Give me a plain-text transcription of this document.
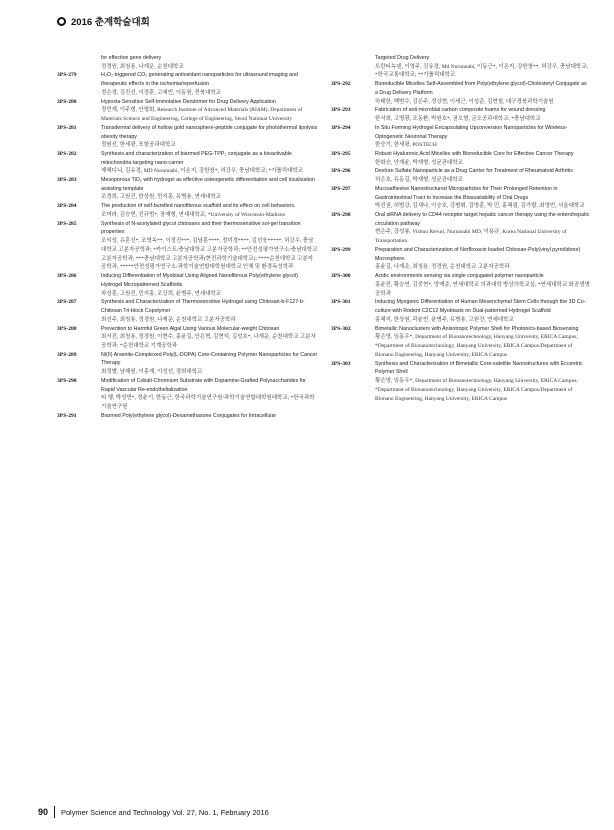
2016 춘계학술대회
for effective gene delivery
정경원, 최청용, 나재운, 순천대학교
3PS-279	H₂O₂-triggered CO₂ generating antioxidant nanoparticles for ultrasound imaging and therapeutic effects in the ischemia/reperfusion
정은경, 김진선, 이정훈, 고예빈, 이동원, 전북대학교
3PS-280	Hypoxia-Sensitive Self-Immolative Dendrimer for Drug Delivery Application
정민재, 이주형, 안형회, Research Institute of Advanced Materials (RIAM), Department of Materials Science and Engineering, College of Engineering, Seoul National University
3PS-281	Transdermal delivery of hollow gold nanosphere-peptide conjugate for photothermal lipolysis obesity therapy
정원선, 한세광, 포항공과대학교
3PS-282	Synthesis and characterization of biarmed PEG-TPP₂ conjugate as a bioactivable mitochondria targeting nano-carrier
제혜디니, 김유경, MD Nurunnabi, 이온지, 강한창*, 허강우, 충남대학교; *가톨릭대학교
3PS-283	Mesoporous TiO₂ with hydrogel as effective osteogenetic differentiation and cell localization assisting template
조경희, 고원건, 한상원, 민지홍, 유병용, 연세대학교
3PS-284	The production of self-bundled nanofibrous scaffold and its effect on cell behaviors.
조미라, 김승현, 진규범*, 장재형, 연세대학교, *University of Wisconsin-Madison
3PS-285	Synthesis of N-acetylated glycol chitosans and their thermosensitive sol-gel transition properties
조익성, 유혼선*, 조영옥**, 이정진***, 김남훈****, 정미경****, 김선웅*****, 허강우, 충남대학교 고분자공학과; *카이스트/충남대학교 고분자공학과; **안전성평가연구소/충남대학교 고분자공학과; ***충남대학교 고분자공학과(현진과학기술대학교); ****순천대학교 고분자공학과; *****안전성평가연구소/과학기술연합대학원대학교 인체 및 환경독성학과
3PS-286	Inducing Differentiation of Myoblast Using Aligned Nanofibrous Poly(ethylene glycol) Hydrogel Micropatterned Scaffolds
차성훈, 고원건, 민지홍, 조강희, 윤병주, 연세대학교
3PS-287	Synthesis and Characterization of Thermosensitive Hydrogel using Chitosan-b-F127-b-Chitosan Tri-block Copolymer
최선주, 최청용, 정경원, 나재운, 순천대학교 고분자공학과
3PS-288	Prevention to Harmful Green Algal Using Various Molecular-weight Chitosan
최서진, 최청용, 정경원, 이현수, 홍윤길, 안은혁, 김현석, 김성호*, 나재운, 순천대학교 고분자공학과; *순천대학교 기계공학과
3PS-289	Ni(II) Arsenite-Complexed Poly(L-DOPA) Core-Containing Polymer Nanoparticles for Cancer Therapy
최정별, 남혜원, 이홍재, 이성선, 경희대학교
3PS-290	Modification of Cobalt-Chromium Substrate with Dopamine-Grafted Polysaccharides for Rapid Vascular Re-endothelialization
티 행, 박성빈*, 정윤기, 한동근, 한국과학기술연구원/과학기술연합대학원대학교; *한국과학기술연구원
3PS-291	Biarmed Poly(ethylene glycol)-Dexamethasone Conjugates for Intracellular
Targeted Drug Delivery
트란티녹넨, 이영주, 김유경, Md Nurunnabi, 이동근*, 이온지, 강한창**, 허강우, 충남대학교; *한국교통대학교; **가톨릭대학교
3PS-292	Bioreducible Micelles Self-Assembled from Poly(ethylene glycol)-Cholesteryl Conjugate as a Drug Delivery Platform
하태한, 백범수, 김은주, 정상현, 이세근, 이성준, 김현철, 대구경북과학기술원
3PS-293	Fabrication of anti-microbial carbon composite foams for wound dressing
한서희, 고명광, 조동환, 박원호*, 권오형, 금오공과대학교; *충남대학교
3PS-294	In Situ Forming Hydrogel Encapsulating Upconversion Nanoparticles for Wireless-Optogenetic Neuronal Therapy
한승기, 한세광, POSTECH
3PS-295	Robust Hyaluronic Acid Micelles with Bioreducible Core for Effective Cancer Therapy
한화승, 안재윤, 박재형, 성균관대학교
3PS-296	Dextran Sulfate Nanoparticle as a Drug Carrier for Treatment of Rheumatoid Arthritis
허은호, 유동길, 박재형, 성균관대학교
3PS-297	Mucoadhesive Nanostructured Microparticles for Their Prolonged Retention in Gastrointestinal Tract to Increase the Bioavailability of Oral Drugs
박진권, 허범강, 김새나, 이승호, 강범휘, 김명훈, 박 민, 홍해림, 김가람, 최영빈, 서울대학교
3PS-298	Oral siRNA delivery to CD44 receptor target hepatic cancer therapy using the enterohepatic circulation pathway
현은주, 강성룡, Vishnu Revuri, Nurunnabi MD, 이용규, Korea National University of Transportation
3PS-299	Preparation and Characterization of Norfloxacin loaded Chitosan-Poly(vinyl pyrrolidone) Microsphere.
홍윤길, 나재운, 최청용, 정경원, 순천대학교 고분자공학과
3PS-300	Acidic environments sensing via single conjugated polymer nanoparticle
홍윤진, 황승연, 김중현*, 양재준, 연세대학교 의과대학 방상의학교실; *연세대학교 화공생명공학과
3PS-301	Inducing Myogenic Differentiation of Human Mesenchymal Stem Cells through the 3D Co-culture with Rodent C2C12 Myoblasts on Dual-patterned Hydrogel Scaffold
홍혜지, 한상원, 곽윤빈, 윤병주, 유병용, 고원건, 연세대학교
3PS-302	Bimetallic Nanoclusters with Anisotropic Polymer Shell for Photonics-based Biosensing
황은영, 임동우*, Department of Bionanotechnology, Hanyang University, ERICA Campus; *Department of Bionanotechnology, Hanyang University, ERICA Campus/Department of Bionano Engineering, Hanyang University, ERICA Campus
3PS-303	Synthesis and Characterization of Bimetallic Core-satellite Nanostructures with Eccentric Polymer Shell
황은영, 임동우*, Department of Bionanotechnology, Hanyang University, ERICA Campus; *Department of Bionanotechnology, Hanyang University, ERICA Campus/Department of Bionano Engineering, Hanyang University, ERICA Campus
90 Polymer Science and Technology Vol. 27, No. 1, February 2016
